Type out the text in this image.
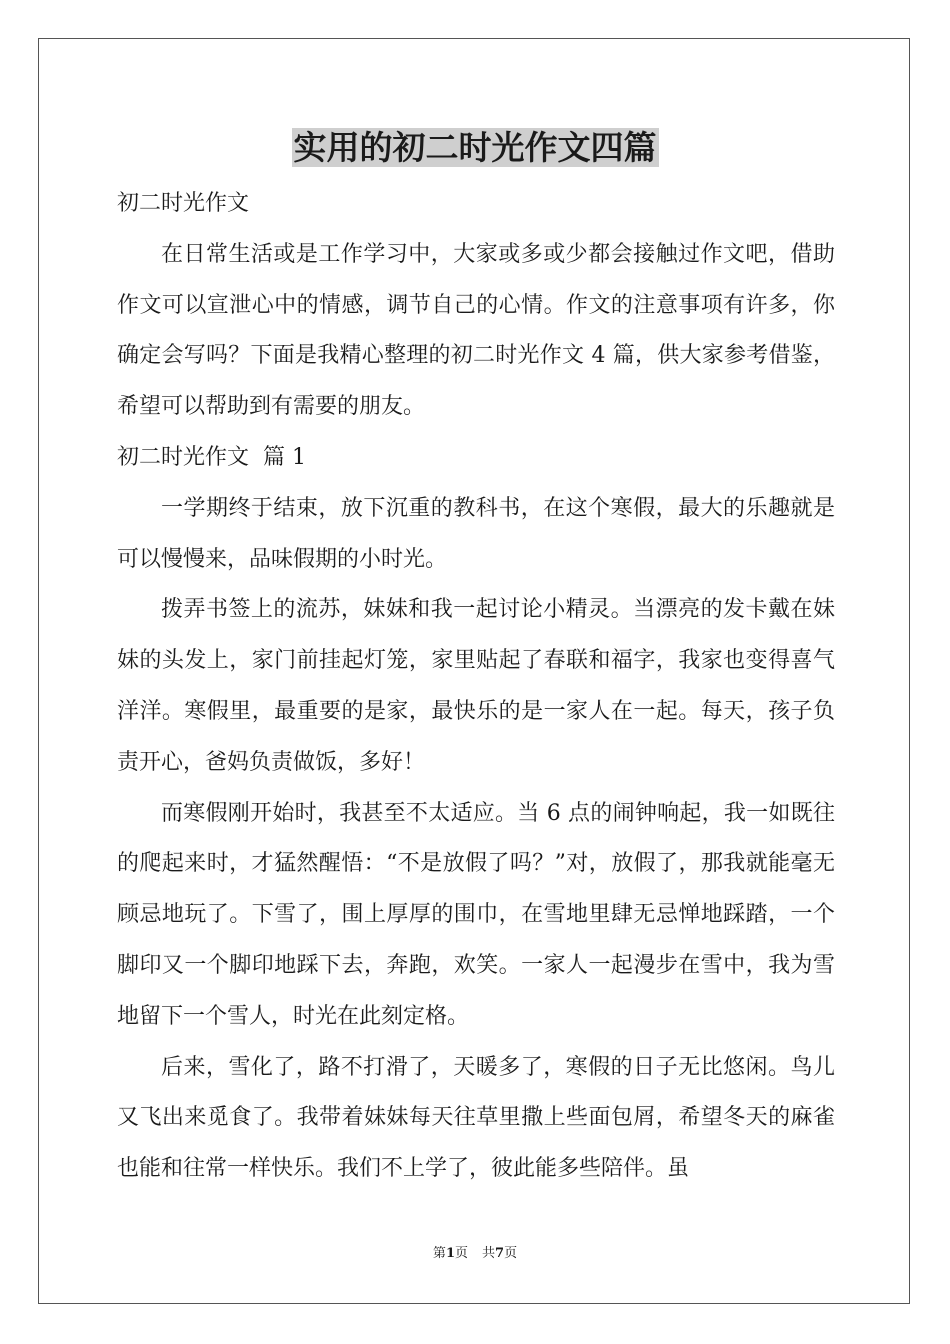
实用的初二时光作文四篇

初二时光作文

在日常生活或是工作学习中，大家或多或少都会接触过作文吧，借助作文可以宣泄心中的情感，调节自己的心情。作文的注意事项有许多，你确定会写吗？下面是我精心整理的初二时光作文 4 篇，供大家参考借鉴，希望可以帮助到有需要的朋友。

初二时光作文  篇 1

一学期终于结束，放下沉重的教科书，在这个寒假，最大的乐趣就是可以慢慢来，品味假期的小时光。

拨弄书签上的流苏，妹妹和我一起讨论小精灵。当漂亮的发卡戴在妹妹的头发上，家门前挂起灯笼，家里贴起了春联和福字，我家也变得喜气洋洋。寒假里，最重要的是家，最快乐的是一家人在一起。每天，孩子负责开心，爸妈负责做饭，多好！

而寒假刚开始时，我甚至不太适应。当 6 点的闹钟响起，我一如既往的爬起来时，才猛然醒悟：“不是放假了吗？”对，放假了，那我就能毫无顾忌地玩了。下雪了，围上厚厚的围巾，在雪地里肆无忌惮地踩踏，一个脚印又一个脚印地踩下去，奔跑，欢笑。一家人一起漫步在雪中，我为雪地留下一个雪人，时光在此刻定格。

后来，雪化了，路不打滑了，天暖多了，寒假的日子无比悠闲。鸟儿又飞出来觅食了。我带着妹妹每天往草里撒上些面包屑，希望冬天的麻雀也能和往常一样快乐。我们不上学了，彼此能多些陪伴。虽

第1页 共7页
